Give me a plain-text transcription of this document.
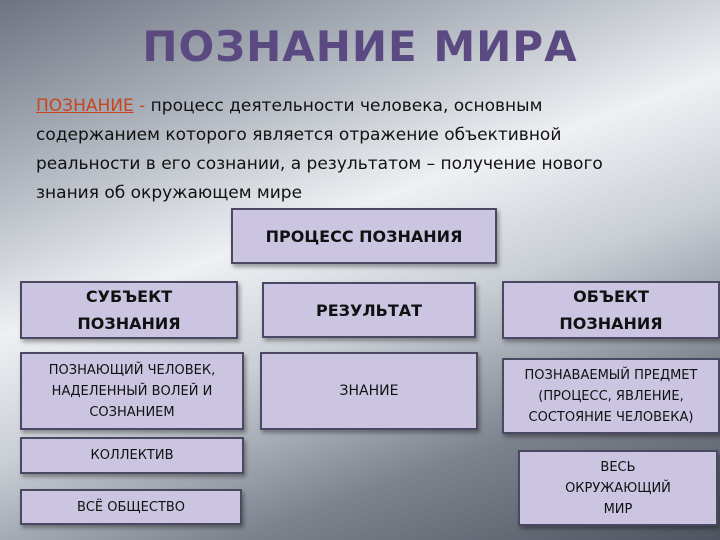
ПОЗНАНИЕ МИРА
ПОЗНАНИЕ - процесс деятельности человека, основным
содержанием которого является отражение объективной
реальности в его сознании, а результатом – получение нового
знания об окружающем мире
ПРОЦЕСС ПОЗНАНИЯ
СУБЪЕКТ
ПОЗНАНИЯ
РЕЗУЛЬТАТ
ОБЪЕКТ
ПОЗНАНИЯ
ПОЗНАЮЩИЙ ЧЕЛОВЕК,
НАДЕЛЕННЫЙ ВОЛЕЙ И
СОЗНАНИЕМ
ЗНАНИЕ
ПОЗНАВАЕМЫЙ ПРЕДМЕТ
(ПРОЦЕСС, ЯВЛЕНИЕ,
СОСТОЯНИЕ ЧЕЛОВЕКА)
КОЛЛЕКТИВ
ВСЁ ОБЩЕСТВО
ВЕСЬ
ОКРУЖАЮЩИЙ
МИР
